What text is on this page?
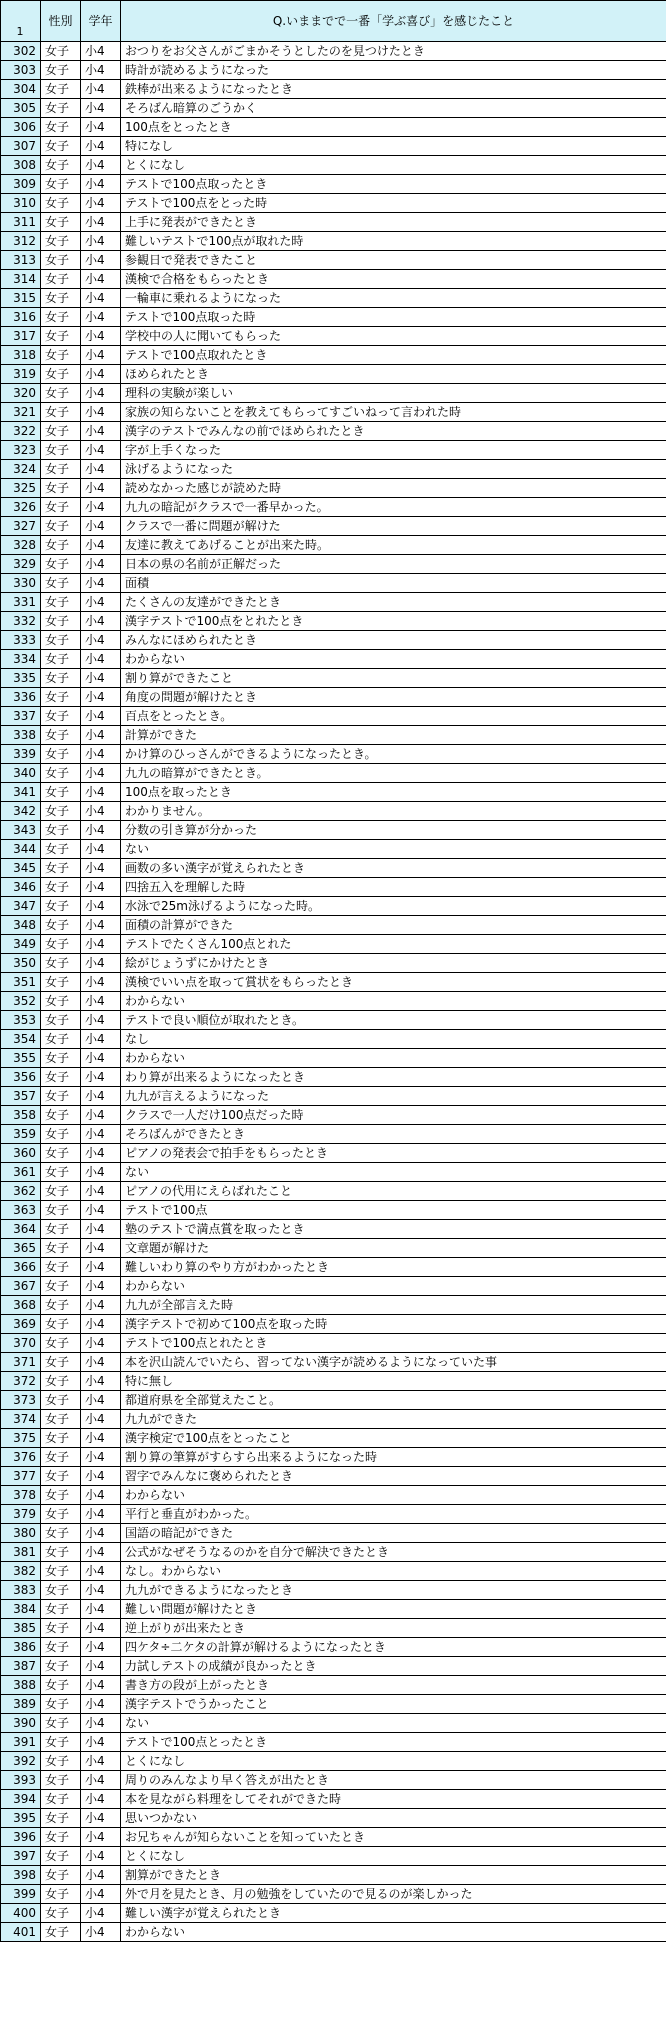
1	性別	学年	Q.いままでで一番「学ぶ喜び」を感じたこと
302	女子	小4	おつりをお父さんがごまかそうとしたのを見つけたとき
303	女子	小4	時計が読めるようになった
304	女子	小4	鉄棒が出来るようになったとき
305	女子	小4	そろばん暗算のごうかく
306	女子	小4	100点をとったとき
307	女子	小4	特になし
308	女子	小4	とくになし
309	女子	小4	テストで100点取ったとき
310	女子	小4	テストで100点をとった時
311	女子	小4	上手に発表ができたとき
312	女子	小4	難しいテストで100点が取れた時
313	女子	小4	参観日で発表できたこと
314	女子	小4	漢検で合格をもらったとき
315	女子	小4	一輪車に乗れるようになった
316	女子	小4	テストで100点取った時
317	女子	小4	学校中の人に聞いてもらった
318	女子	小4	テストで100点取れたとき
319	女子	小4	ほめられたとき
320	女子	小4	理科の実験が楽しい
321	女子	小4	家族の知らないことを教えてもらってすごいねって言われた時
322	女子	小4	漢字のテストでみんなの前でほめられたとき
323	女子	小4	字が上手くなった
324	女子	小4	泳げるようになった
325	女子	小4	読めなかった感じが読めた時
326	女子	小4	九九の暗記がクラスで一番早かった。
327	女子	小4	クラスで一番に問題が解けた
328	女子	小4	友達に教えてあげることが出来た時。
329	女子	小4	日本の県の名前が正解だった
330	女子	小4	面積
331	女子	小4	たくさんの友達ができたとき
332	女子	小4	漢字テストで100点をとれたとき
333	女子	小4	みんなにほめられたとき
334	女子	小4	わからない
335	女子	小4	割り算ができたこと
336	女子	小4	角度の問題が解けたとき
337	女子	小4	百点をとったとき。
338	女子	小4	計算ができた
339	女子	小4	かけ算のひっさんができるようになったとき。
340	女子	小4	九九の暗算ができたとき。
341	女子	小4	100点を取ったとき
342	女子	小4	わかりません。
343	女子	小4	分数の引き算が分かった
344	女子	小4	ない
345	女子	小4	画数の多い漢字が覚えられたとき
346	女子	小4	四捨五入を理解した時
347	女子	小4	水泳で25m泳げるようになった時。
348	女子	小4	面積の計算ができた
349	女子	小4	テストでたくさん100点とれた
350	女子	小4	絵がじょうずにかけたとき
351	女子	小4	漢検でいい点を取って賞状をもらったとき
352	女子	小4	わからない
353	女子	小4	テストで良い順位が取れたとき。
354	女子	小4	なし
355	女子	小4	わからない
356	女子	小4	わり算が出来るようになったとき
357	女子	小4	九九が言えるようになった
358	女子	小4	クラスで一人だけ100点だった時
359	女子	小4	そろばんができたとき
360	女子	小4	ピアノの発表会で拍手をもらったとき
361	女子	小4	ない
362	女子	小4	ピアノの代用にえらばれたこと
363	女子	小4	テストで100点
364	女子	小4	塾のテストで満点賞を取ったとき
365	女子	小4	文章題が解けた
366	女子	小4	難しいわり算のやり方がわかったとき
367	女子	小4	わからない
368	女子	小4	九九が全部言えた時
369	女子	小4	漢字テストで初めて100点を取った時
370	女子	小4	テストで100点とれたとき
371	女子	小4	本を沢山読んでいたら、習ってない漢字が読めるようになっていた事
372	女子	小4	特に無し
373	女子	小4	都道府県を全部覚えたこと。
374	女子	小4	九九ができた
375	女子	小4	漢字検定で100点をとったこと
376	女子	小4	割り算の筆算がすらすら出来るようになった時
377	女子	小4	習字でみんなに褒められたとき
378	女子	小4	わからない
379	女子	小4	平行と垂直がわかった。
380	女子	小4	国語の暗記ができた
381	女子	小4	公式がなぜそうなるのかを自分で解決できたとき
382	女子	小4	なし。わからない
383	女子	小4	九九ができるようになったとき
384	女子	小4	難しい問題が解けたとき
385	女子	小4	逆上がりが出来たとき
386	女子	小4	四ケタ÷二ケタの計算が解けるようになったとき
387	女子	小4	力試しテストの成績が良かったとき
388	女子	小4	書き方の段が上がったとき
389	女子	小4	漢字テストでうかったこと
390	女子	小4	ない
391	女子	小4	テストで100点とったとき
392	女子	小4	とくになし
393	女子	小4	周りのみんなより早く答えが出たとき
394	女子	小4	本を見ながら料理をしてそれができた時
395	女子	小4	思いつかない
396	女子	小4	お兄ちゃんが知らないことを知っていたとき
397	女子	小4	とくになし
398	女子	小4	割算ができたとき
399	女子	小4	外で月を見たとき、月の勉強をしていたので見るのが楽しかった
400	女子	小4	難しい漢字が覚えられたとき
401	女子	小4	わからない
